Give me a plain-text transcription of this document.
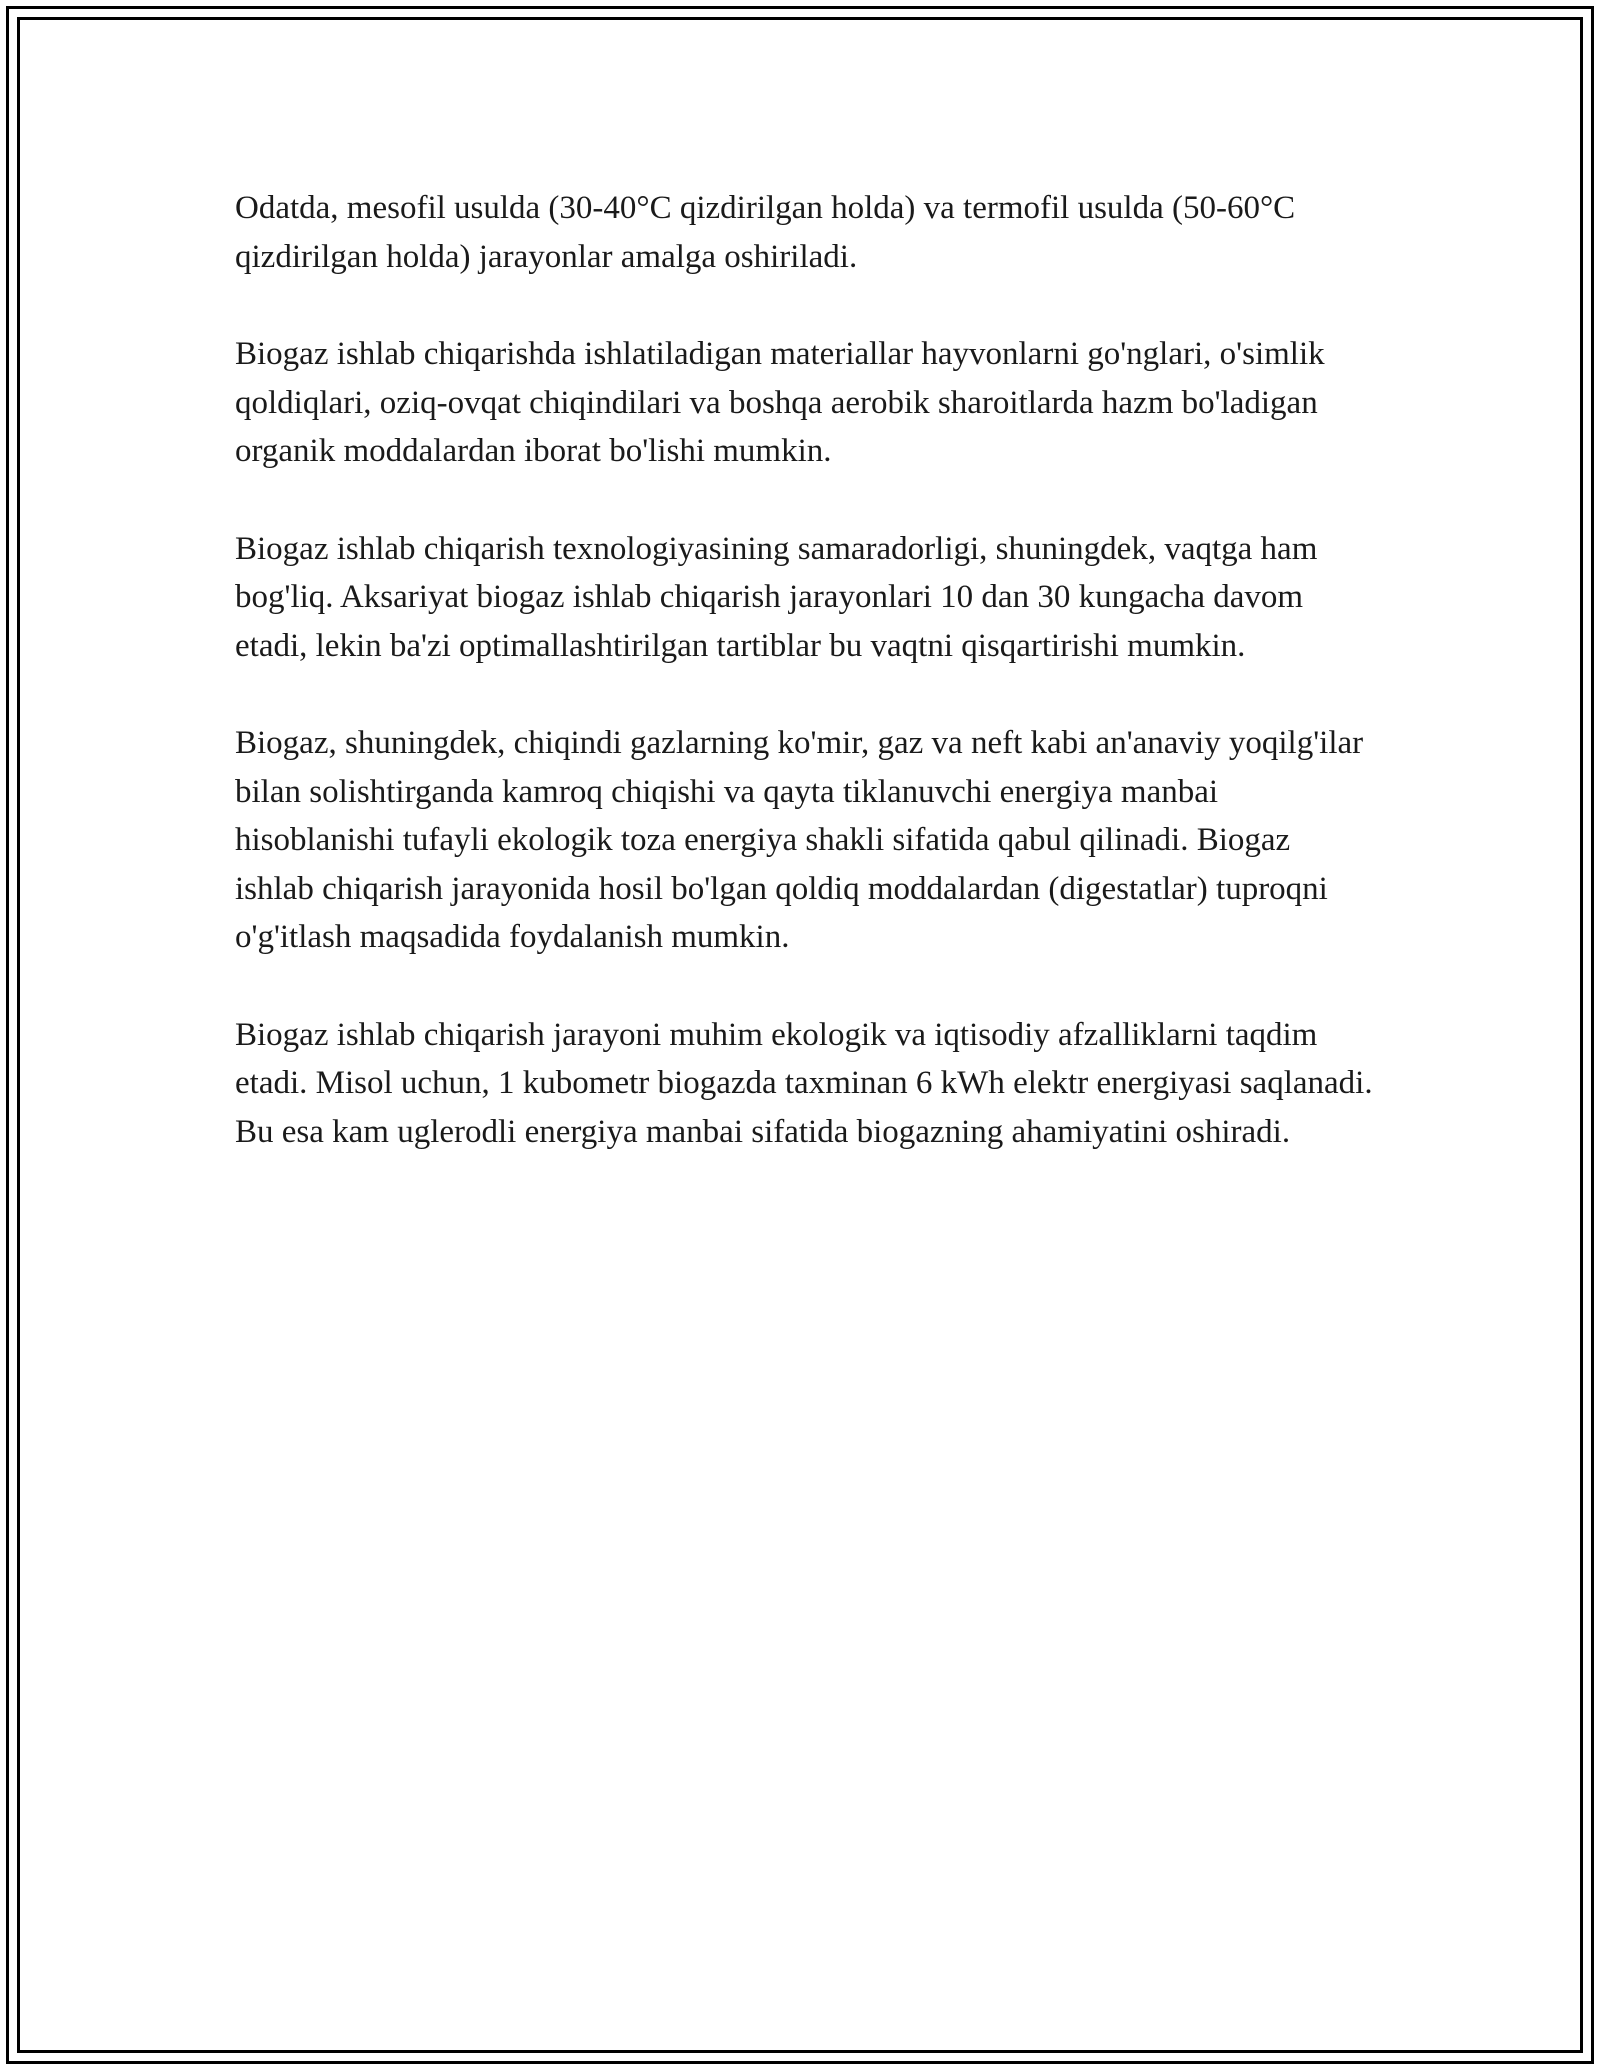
Odatda, mesofil usulda (30-40°C qizdirilgan holda) va termofil usulda (50-60°C qizdirilgan holda) jarayonlar amalga oshiriladi.

Biogaz ishlab chiqarishda ishlatiladigan materiallar hayvonlarni go'nglari, o'simlik qoldiqlari, oziq-ovqat chiqindilari va boshqa aerobik sharoitlarda hazm bo'ladigan organik moddalardan iborat bo'lishi mumkin.

Biogaz ishlab chiqarish texnologiyasining samaradorligi, shuningdek, vaqtga ham bog'liq. Aksariyat biogaz ishlab chiqarish jarayonlari 10 dan 30 kungacha davom etadi, lekin ba'zi optimallashtirilgan tartiblar bu vaqtni qisqartirishi mumkin.

Biogaz, shuningdek, chiqindi gazlarning ko'mir, gaz va neft kabi an'anaviy yoqilg'ilar bilan solishtirganda kamroq chiqishi va qayta tiklanuvchi energiya manbai hisoblanishi tufayli ekologik toza energiya shakli sifatida qabul qilinadi. Biogaz ishlab chiqarish jarayonida hosil bo'lgan qoldiq moddalardan (digestatlar) tuproqni o'g'itlash maqsadida foydalanish mumkin.

Biogaz ishlab chiqarish jarayoni muhim ekologik va iqtisodiy afzalliklarni taqdim etadi. Misol uchun, 1 kubometr biogazda taxminan 6 kWh elektr energiyasi saqlanadi. Bu esa kam uglerodli energiya manbai sifatida biogazning ahamiyatini oshiradi.
